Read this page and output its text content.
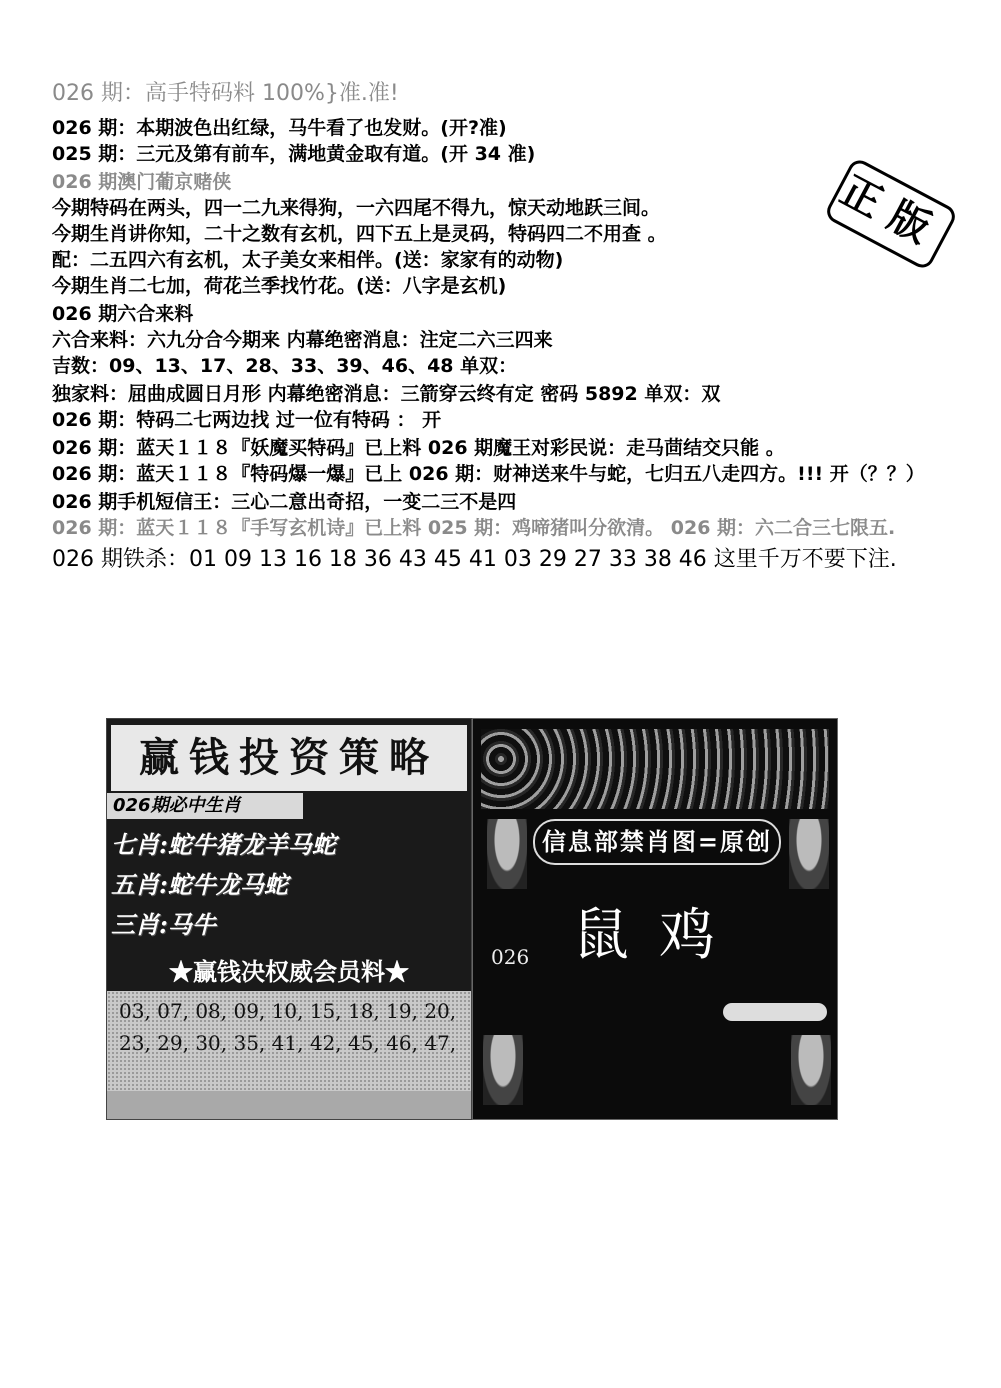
026 期：高手特码料 100%}准.准!
026 期：本期波色出红绿，马牛看了也发财。(开?准)
025 期：三元及第有前车，满地黄金取有道。(开 34 准)
026 期澳门葡京赌侠
今期特码在两头，四一二九来得狗，一六四尾不得九，惊天动地跃三间。
今期生肖讲你知，二十之数有玄机，四下五上是灵码，特码四二不用查 。
配：二五四六有玄机，太子美女来相伴。(送：家家有的动物)
今期生肖二七加，荷花兰季找竹花。(送：八字是玄机)
026 期六合来料
六合来料：六九分合今期来 内幕绝密消息：注定二六三四来
吉数：09、13、17、28、33、39、46、48 单双：
独家料：屈曲成圆日月形 内幕绝密消息：三箭穿云终有定 密码 5892 单双：双
026 期：特码二七两边找 过一位有特码 ： 开
026 期：蓝天１１８『妖魔买特码』已上料 026 期魔王对彩民说：走马茴结交只能 。
026 期：蓝天１１８『特码爆一爆』已上 026 期：财神送来牛与蛇，七归五八走四方。!!! 开（？？）
026 期手机短信王：三心二意出奇招，一变二三不是四
026 期：蓝天１１８『手写玄机诗』已上料 025 期：鸡啼猪叫分欲清。 026 期：六二合三七限五.
026 期铁杀：01 09 13 16 18 36 43 45 41 03 29 27 33 38 46 这里千万不要下注.
正版
赢钱投资策略
026期必中生肖
七肖:蛇牛猪龙羊马蛇
五肖:蛇牛龙马蛇
三肖:马牛
★赢钱决权威会员料★
03, 07, 08, 09, 10, 15, 18, 19, 20,
23, 29, 30, 35, 41, 42, 45, 46, 47,
信息部禁肖图=原创
鼠鸡
026
